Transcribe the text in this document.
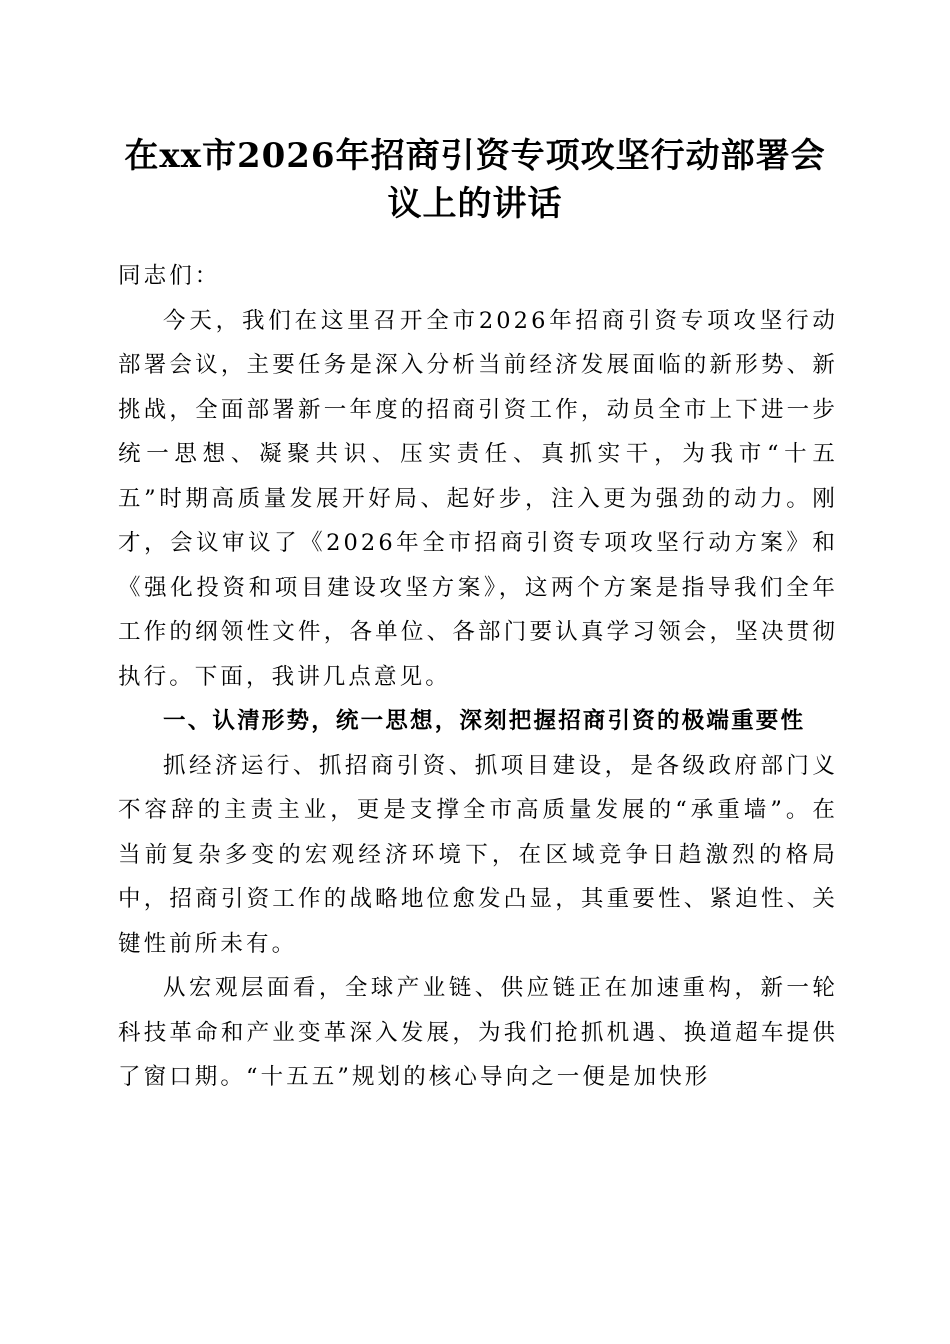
在xx市2026年招商引资专项攻坚行动部署会
议上的讲话

同志们：

今天，我们在这里召开全市2026年招商引资专项攻坚行动部署会议，主要任务是深入分析当前经济发展面临的新形势、新挑战，全面部署新一年度的招商引资工作，动员全市上下进一步统一思想、凝聚共识、压实责任、真抓实干，为我市“十五五”时期高质量发展开好局、起好步，注入更为强劲的动力。刚才，会议审议了《2026年全市招商引资专项攻坚行动方案》和《强化投资和项目建设攻坚方案》，这两个方案是指导我们全年工作的纲领性文件，各单位、各部门要认真学习领会，坚决贯彻执行。下面，我讲几点意见。

一、认清形势，统一思想，深刻把握招商引资的极端重要性

抓经济运行、抓招商引资、抓项目建设，是各级政府部门义不容辞的主责主业，更是支撑全市高质量发展的“承重墙”。在当前复杂多变的宏观经济环境下，在区域竞争日趋激烈的格局中，招商引资工作的战略地位愈发凸显，其重要性、紧迫性、关键性前所未有。

从宏观层面看，全球产业链、供应链正在加速重构，新一轮科技革命和产业变革深入发展，为我们抢抓机遇、换道超车提供了窗口期。“十五五”规划的核心导向之一便是加快形
